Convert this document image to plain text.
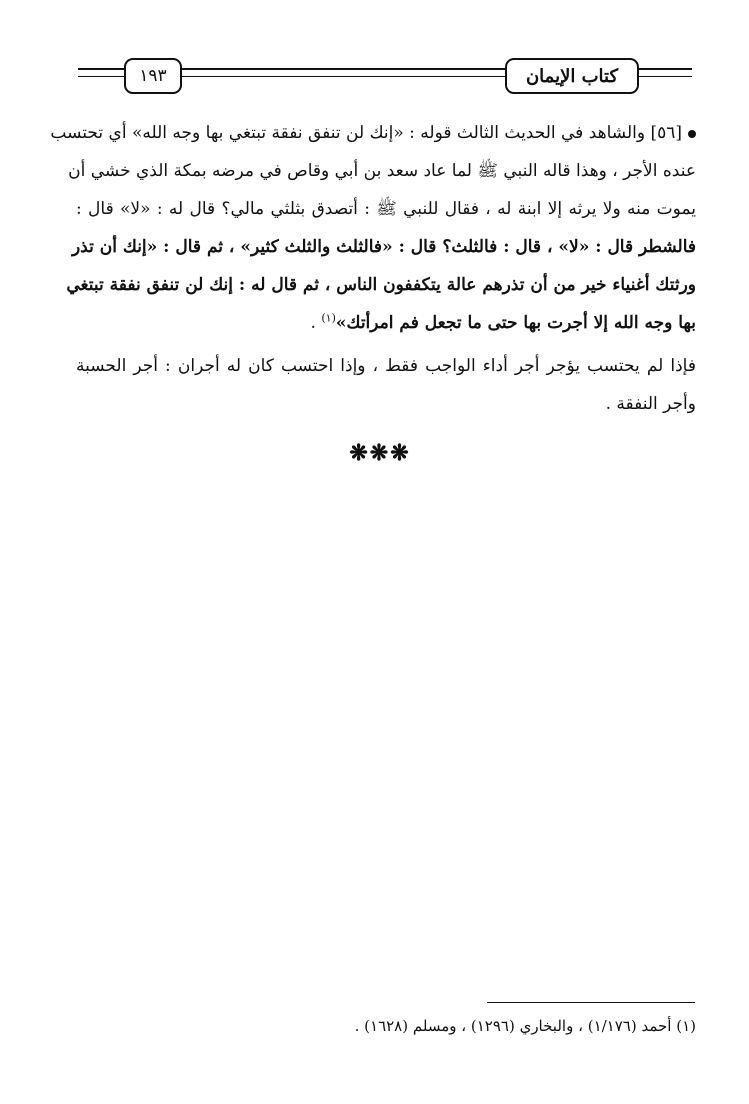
كتاب الإيمان
١٩٣
[٥٦] والشاهد في الحديث الثالث قوله : «إنك لن تنفق نفقة تبتغي بها وجه الله» أي تحتسب
عنده الأجر ، وهذا قاله النبي ﷺ لما عاد سعد بن أبي وقاص في مرضه بمكة الذي خشي أن
يموت منه ولا يرثه إلا ابنة له ، فقال للنبي ﷺ : أتصدق بثلثي مالي؟ قال له : «لا» قال :
فالشطر قال : «لا» ، قال : فالثلث؟ قال : «فالثلث والثلث كثير» ، ثم قال : «إنك أن تذر
ورثتك أغنياء خير من أن تذرهم عالة يتكففون الناس ، ثم قال له : إنك لن تنفق نفقة تبتغي
بها وجه الله إلا أجرت بها حتى ما تجعل فم امرأتك»$^{(١)}$ .
فإذا لم يحتسب يؤجر أجر أداء الواجب فقط ، وإذا احتسب كان له أجران : أجر الحسبة
وأجر النفقة .
❋❋❋
(١) أحمد (١/١٧٦) ، والبخاري (١٢٩٦) ، ومسلم (١٦٢٨) .
